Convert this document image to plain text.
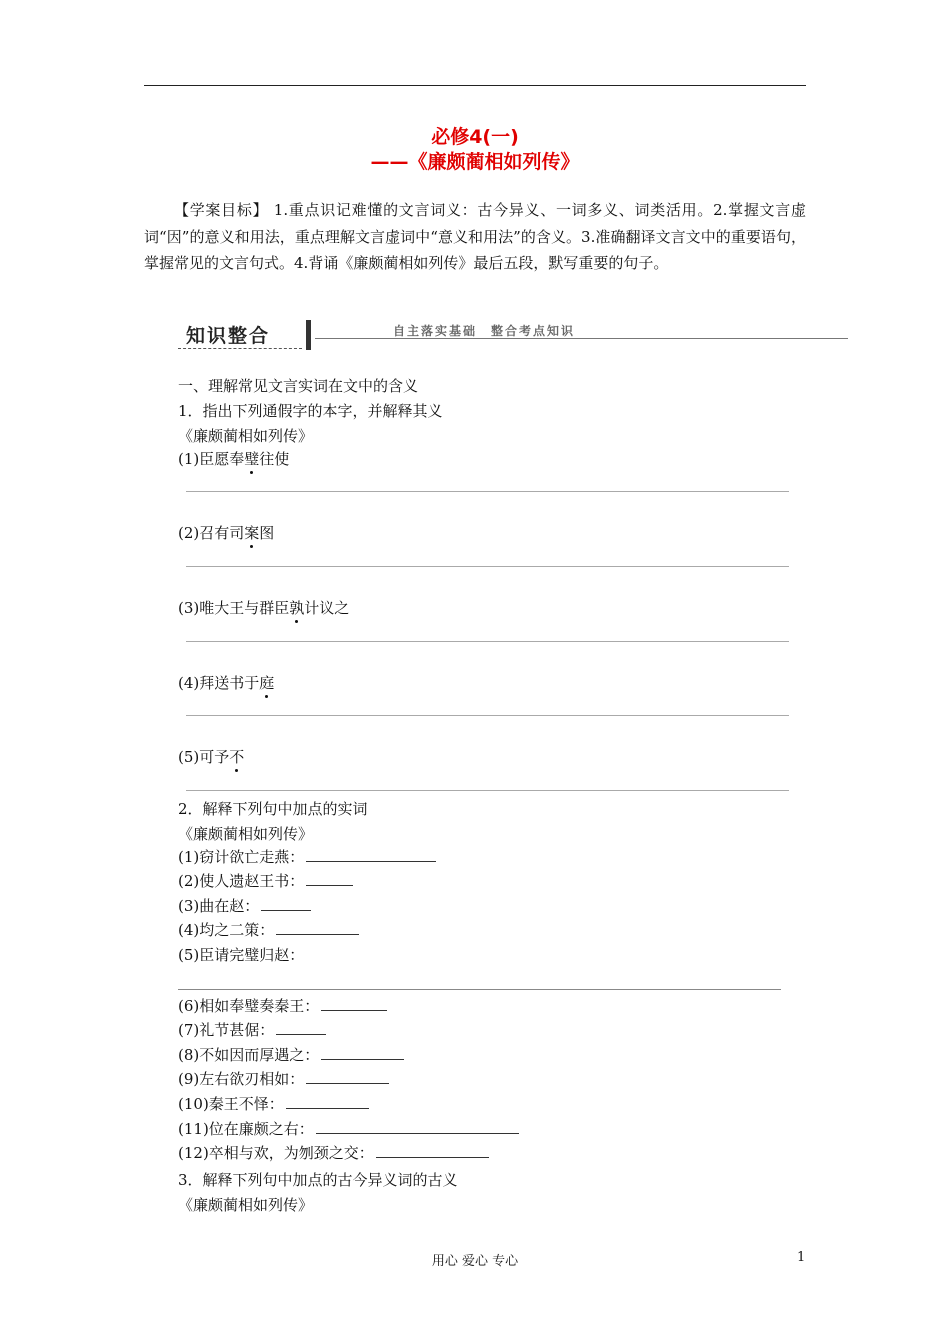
必修4(一)
——《廉颇蔺相如列传》
【学案目标】 1.重点识记难懂的文言词义：古今异义、一词多义、词类活用。2.掌握文言虚词“因”的意义和用法，重点理解文言虚词中“意义和用法”的含义。3.准确翻译文言文中的重要语句，掌握常见的文言句式。4.背诵《廉颇蔺相如列传》最后五段，默写重要的句子。
知识整合	自主落实基础　整合考点知识
一、理解常见文言实词在文中的含义
1．指出下列通假字的本字，并解释其义
《廉颇蔺相如列传》
(1)臣愿奉璧往使
(2)召有司案图
(3)唯大王与群臣孰计议之
(4)拜送书于庭
(5)可予不
2．解释下列句中加点的实词
《廉颇蔺相如列传》
(1)窃计欲亡走燕：
(2)使人遗赵王书：
(3)曲在赵：
(4)均之二策：
(5)臣请完璧归赵：
(6)相如奉璧奏秦王：
(7)礼节甚倨：
(8)不如因而厚遇之：
(9)左右欲刃相如：
(10)秦王不怿：
(11)位在廉颇之右：
(12)卒相与欢，为刎颈之交：
3．解释下列句中加点的古今异义词的古义
《廉颇蔺相如列传》
用心 爱心 专心	1
